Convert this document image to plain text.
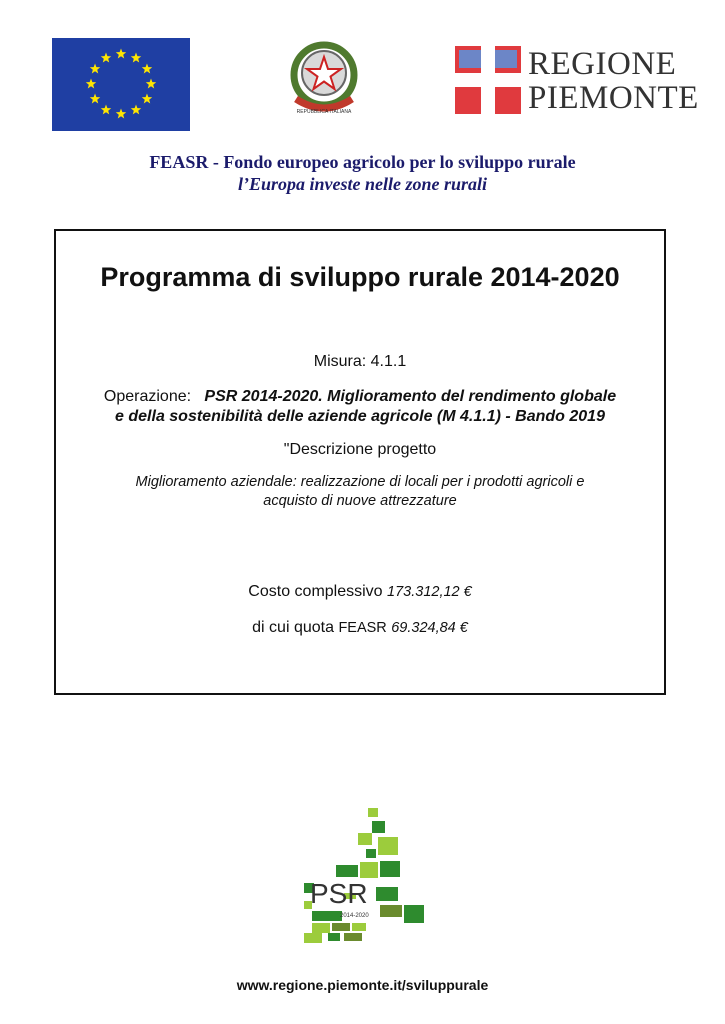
REPUBBLICA ITALIANA
REGIONE
PIEMONTE
FEASR - Fondo europeo agricolo per lo sviluppo rurale
l’Europa investe nelle zone rurali
Programma di sviluppo rurale 2014-2020
Misura: 4.1.1
Operazione: PSR 2014-2020. Miglioramento del rendimento globale
e della sostenibilità delle aziende agricole (M 4.1.1) - Bando 2019
"Descrizione progetto
Miglioramento aziendale: realizzazione di locali per i prodotti agricoli e
acquisto di nuove attrezzature
Costo complessivo 173.312,12 €
di cui quota FEASR 69.324,84 €
PSR
2014-2020
www.regione.piemonte.it/sviluppurale
